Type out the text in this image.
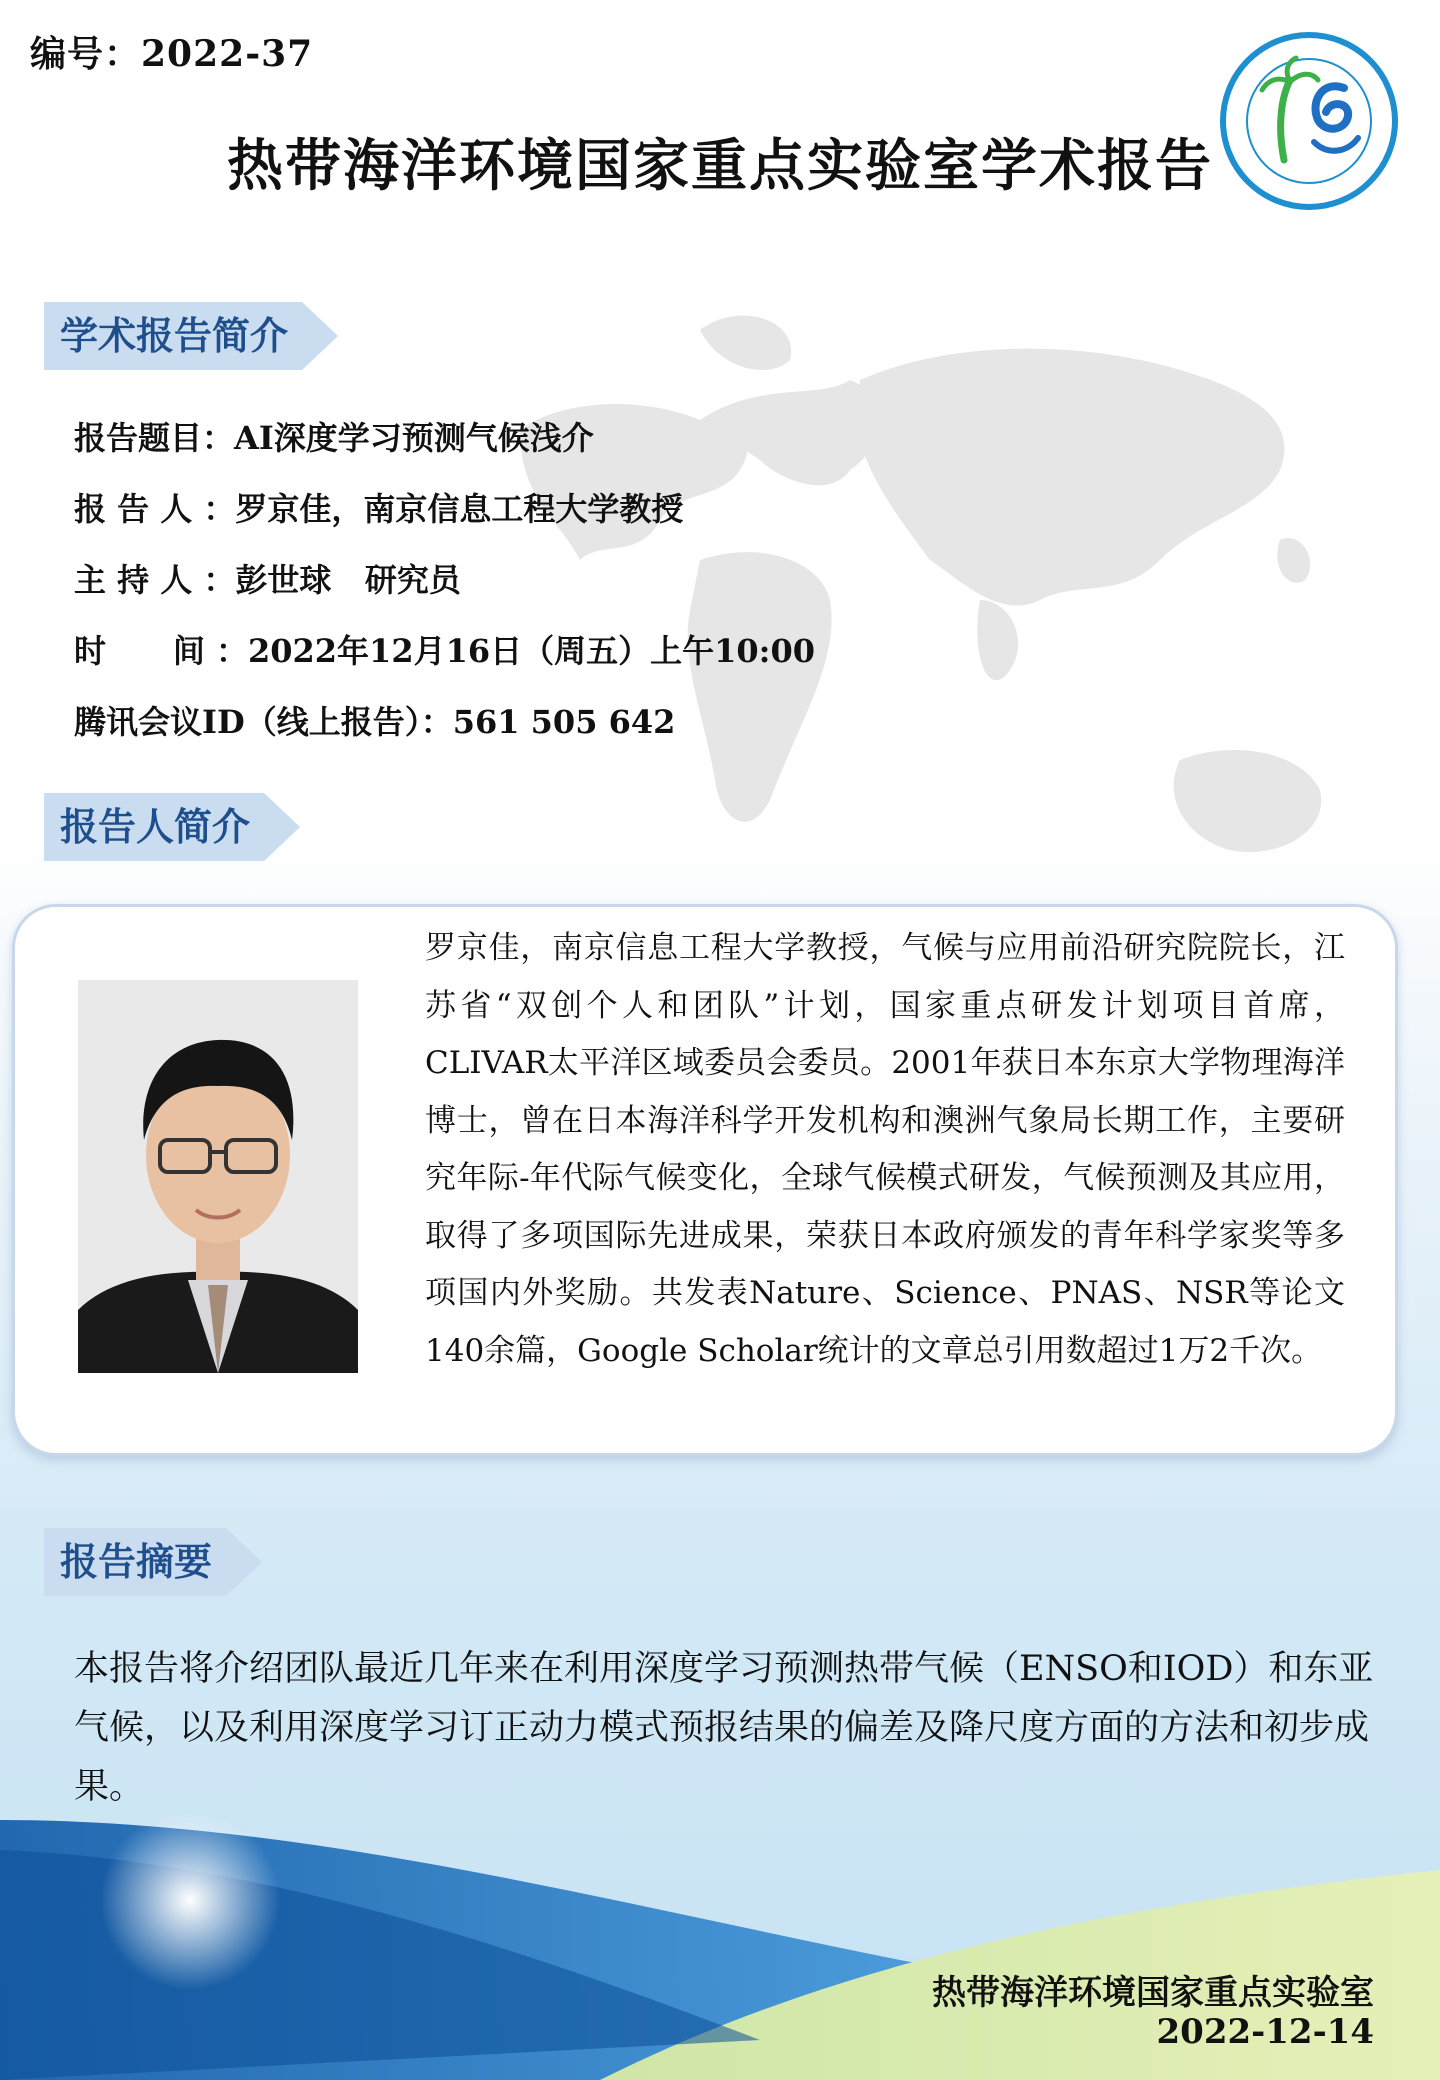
编号：2022-37
热带海洋环境国家重点实验室学术报告
学术报告简介
报告题目：AI深度学习预测气候浅介
报 告 人 ：罗京佳，南京信息工程大学教授
主 持 人 ：彭世球   研究员
时      间 ：2022年12月16日（周五）上午10:00
腾讯会议ID（线上报告）：561 505 642
报告人简介
罗京佳，南京信息工程大学教授，气候与应用前沿研究院院长，江苏省“双创个人和团队”计划，国家重点研发计划项目首席，CLIVAR太平洋区域委员会委员。2001年获日本东京大学物理海洋博士，曾在日本海洋科学开发机构和澳洲气象局长期工作，主要研究年际-年代际气候变化，全球气候模式研发，气候预测及其应用，取得了多项国际先进成果，荣获日本政府颁发的青年科学家奖等多项国内外奖励。共发表Nature、Science、PNAS、NSR等论文140余篇，Google Scholar统计的文章总引用数超过1万2千次。
报告摘要
本报告将介绍团队最近几年来在利用深度学习预测热带气候（ENSO和IOD）和东亚气候，以及利用深度学习订正动力模式预报结果的偏差及降尺度方面的方法和初步成果。
热带海洋环境国家重点实验室
2022-12-14
